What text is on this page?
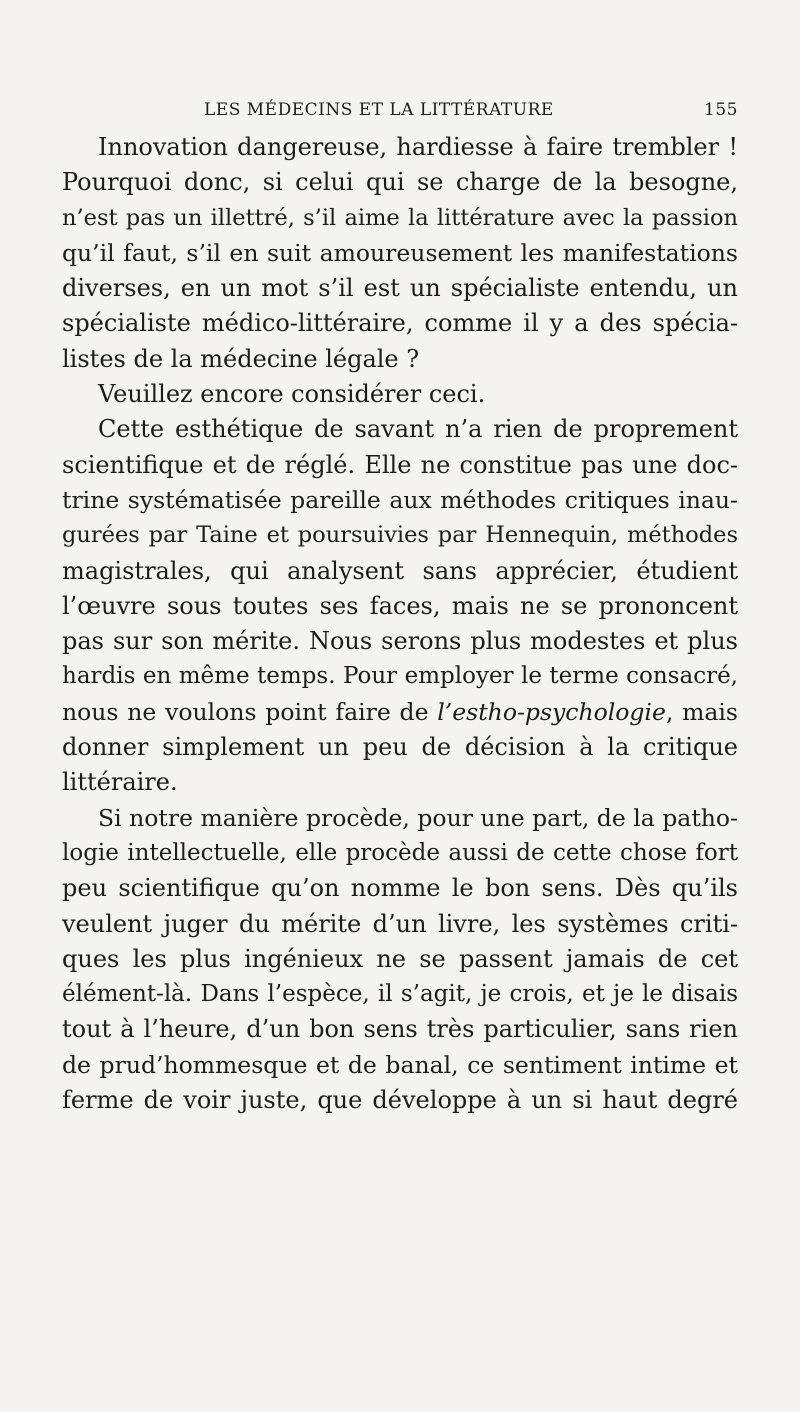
LES MÉDECINS ET LA LITTÉRATURE	155
Innovation dangereuse, hardiesse à faire trembler !
Pourquoi donc, si celui qui se charge de la besogne,
n’est pas un illettré, s’il aime la littérature avec la passion
qu’il faut, s’il en suit amoureusement les manifestations
diverses, en un mot s’il est un spécialiste entendu, un
spécialiste médico-littéraire, comme il y a des spécia-
listes de la médecine légale ?
Veuillez encore considérer ceci.
Cette esthétique de savant n’a rien de proprement
scientifique et de réglé. Elle ne constitue pas une doc-
trine systématisée pareille aux méthodes critiques inau-
gurées par Taine et poursuivies par Hennequin, méthodes
magistrales, qui analysent sans apprécier, étudient
l’œuvre sous toutes ses faces, mais ne se prononcent
pas sur son mérite. Nous serons plus modestes et plus
hardis en même temps. Pour employer le terme consacré,
nous ne voulons point faire de l’estho-psychologie, mais
donner simplement un peu de décision à la critique
littéraire.
Si notre manière procède, pour une part, de la patho-
logie intellectuelle, elle procède aussi de cette chose fort
peu scientifique qu’on nomme le bon sens. Dès qu’ils
veulent juger du mérite d’un livre, les systèmes criti-
ques les plus ingénieux ne se passent jamais de cet
élément-là. Dans l’espèce, il s’agit, je crois, et je le disais
tout à l’heure, d’un bon sens très particulier, sans rien
de prud’hommesque et de banal, ce sentiment intime et
ferme de voir juste, que développe à un si haut degré
